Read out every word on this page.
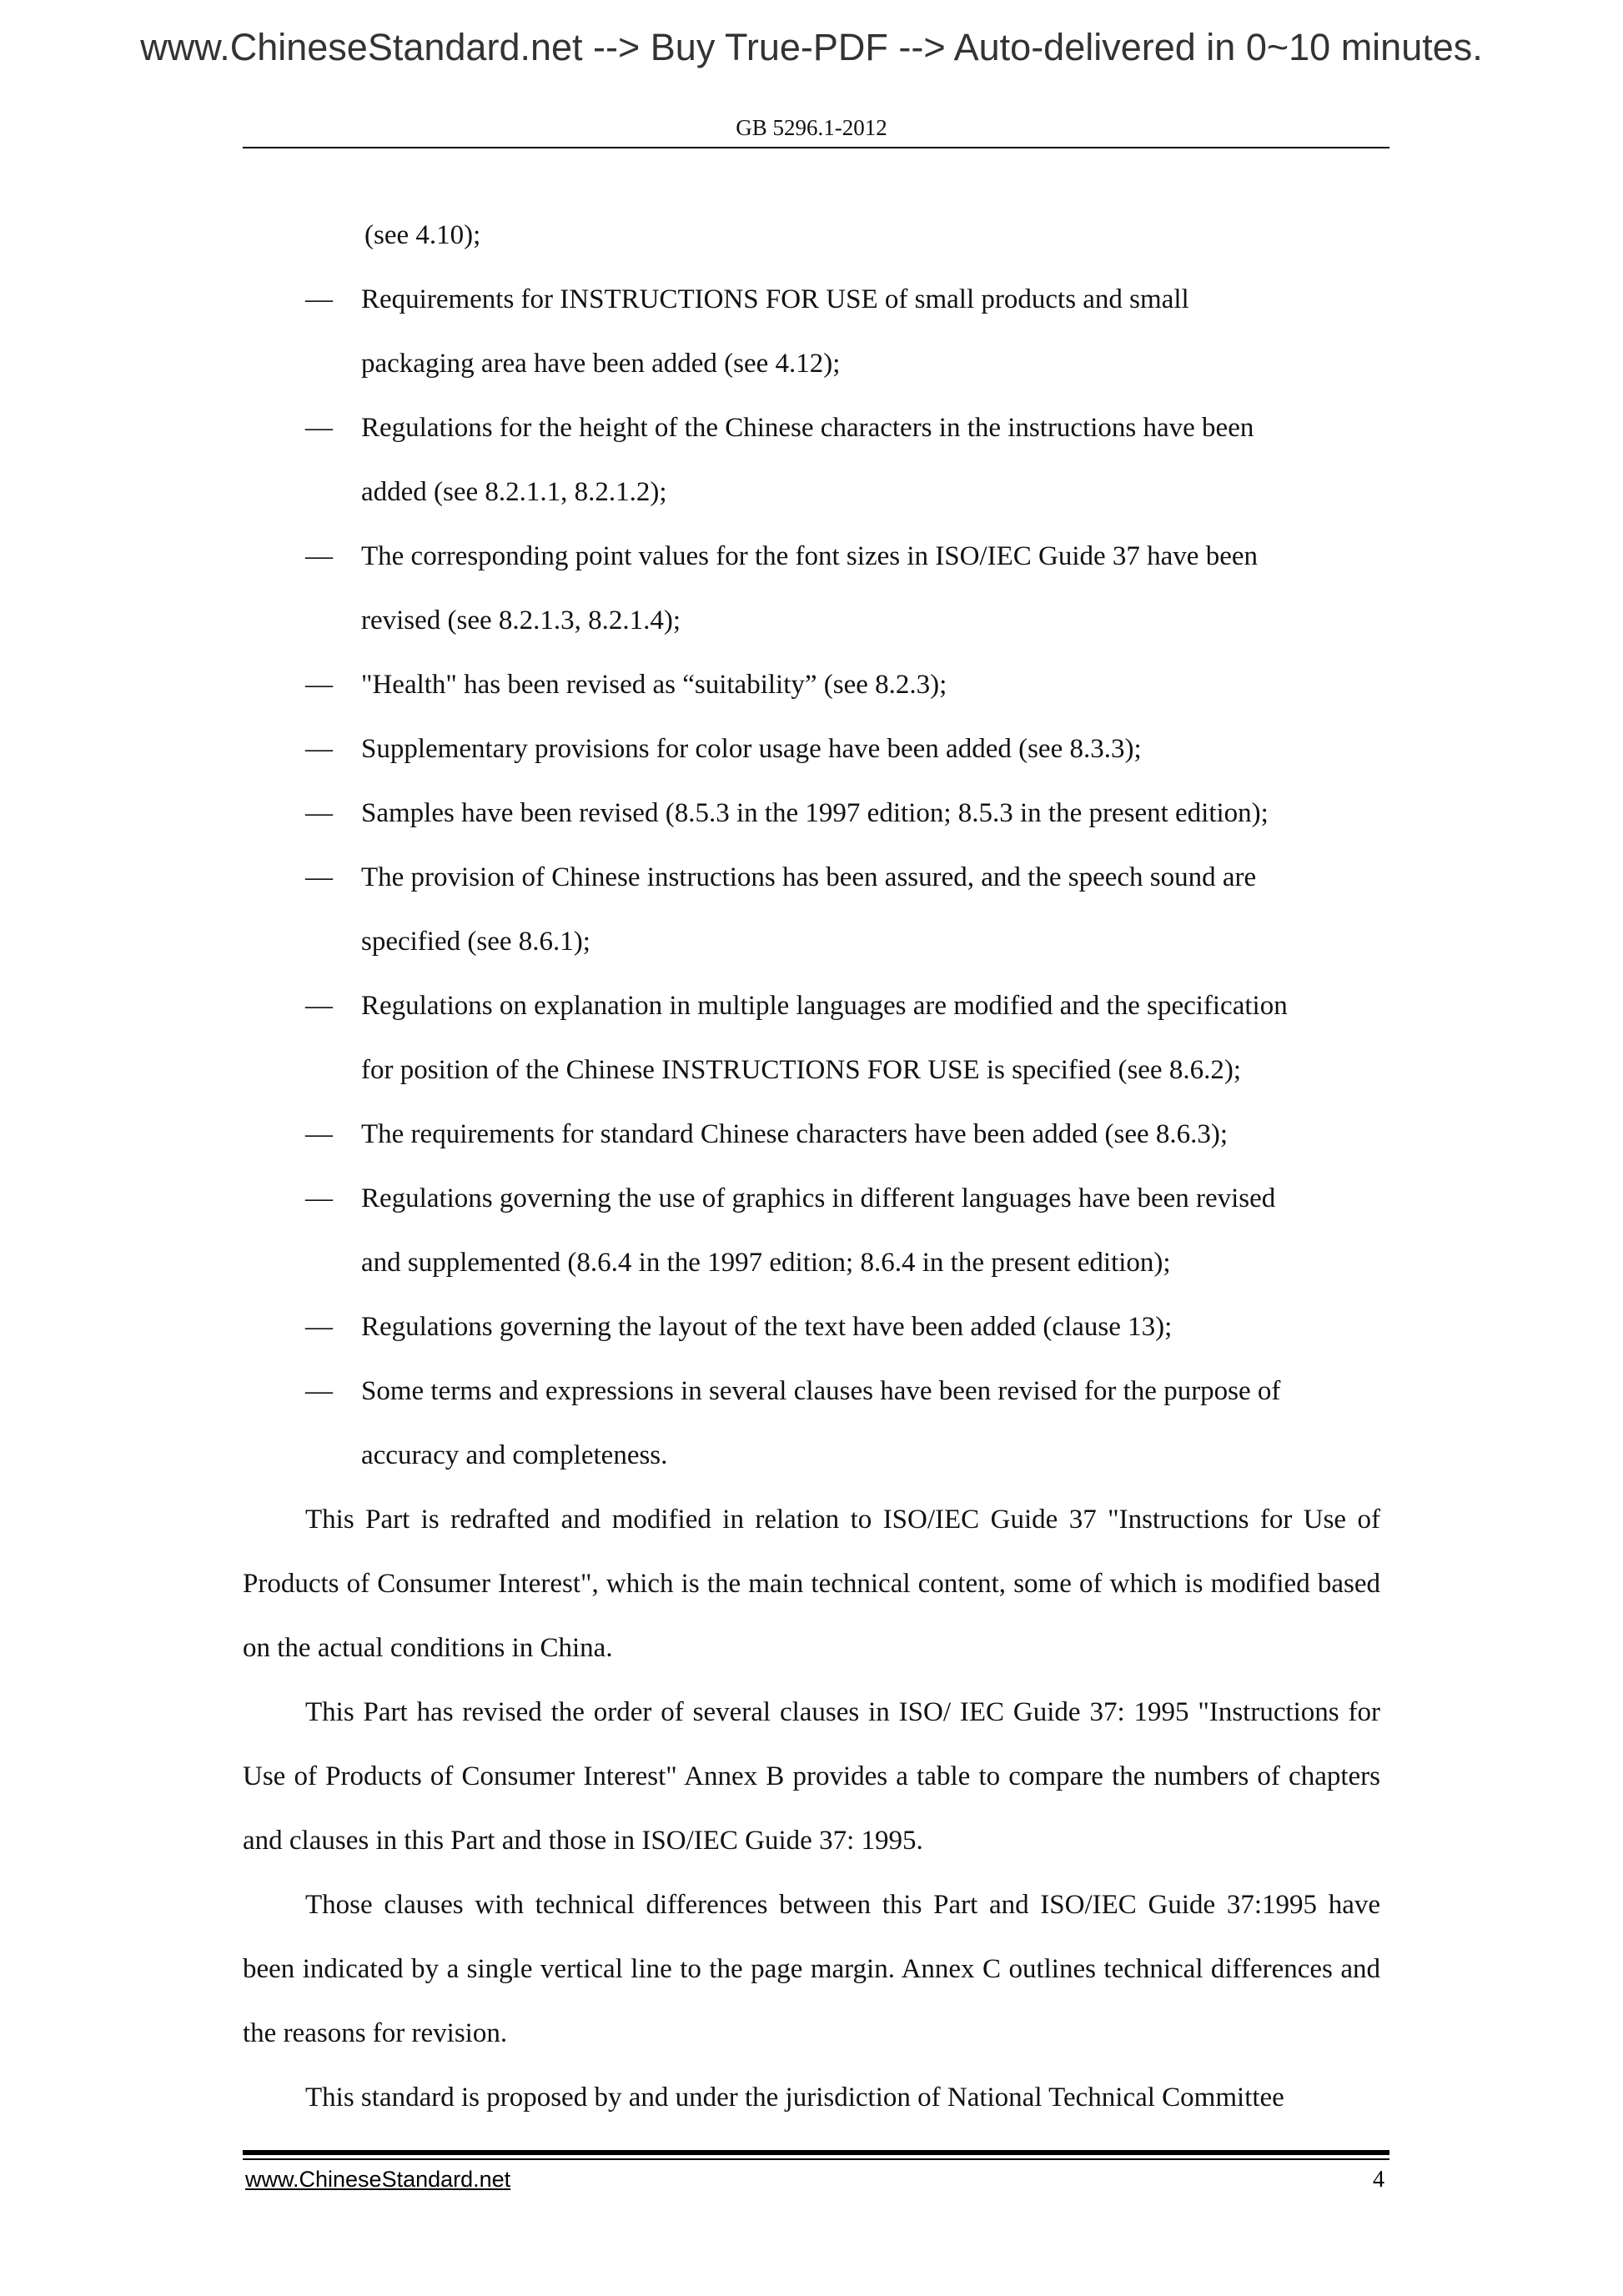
www.ChineseStandard.net --> Buy True-PDF --> Auto-delivered in 0~10 minutes.
GB 5296.1-2012

(see 4.10);

— Requirements for INSTRUCTIONS FOR USE of small products and small
packaging area have been added (see 4.12);
— Regulations for the height of the Chinese characters in the instructions have been
added (see 8.2.1.1, 8.2.1.2);
— The corresponding point values for the font sizes in ISO/IEC Guide 37 have been
revised (see 8.2.1.3, 8.2.1.4);
— "Health" has been revised as “suitability” (see 8.2.3);
— Supplementary provisions for color usage have been added (see 8.3.3);
— Samples have been revised (8.5.3 in the 1997 edition; 8.5.3 in the present edition);
— The provision of Chinese instructions has been assured, and the speech sound are
specified (see 8.6.1);
— Regulations on explanation in multiple languages are modified and the specification
for position of the Chinese INSTRUCTIONS FOR USE is specified (see 8.6.2);
— The requirements for standard Chinese characters have been added (see 8.6.3);
— Regulations governing the use of graphics in different languages have been revised
and supplemented (8.6.4 in the 1997 edition; 8.6.4 in the present edition);
— Regulations governing the layout of the text have been added (clause 13);
— Some terms and expressions in several clauses have been revised for the purpose of
accuracy and completeness.

This Part is redrafted and modified in relation to ISO/IEC Guide 37 "Instructions for Use of Products of Consumer Interest", which is the main technical content, some of which is modified based on the actual conditions in China.

This Part has revised the order of several clauses in ISO/ IEC Guide 37: 1995 "Instructions for Use of Products of Consumer Interest" Annex B provides a table to compare the numbers of chapters and clauses in this Part and those in ISO/IEC Guide 37: 1995.

Those clauses with technical differences between this Part and ISO/IEC Guide 37:1995 have been indicated by a single vertical line to the page margin. Annex C outlines technical differences and the reasons for revision.

This standard is proposed by and under the jurisdiction of National Technical Committee

www.ChineseStandard.net	4
